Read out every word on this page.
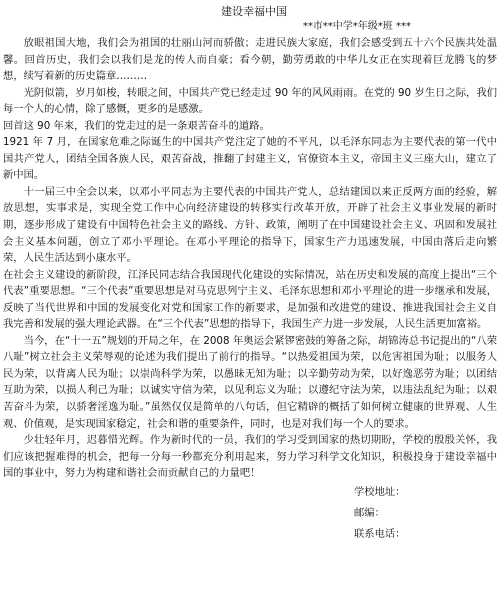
建设幸福中国
**市**中学*年级*班 ***

放眼祖国大地，我们会为祖国的壮丽山河而骄傲；走进民族大家庭，我们会感受到五十六个民族共处温馨。回首历史，我们会以我们是龙的传人而自豪；看今朝，勤劳勇敢的中华儿女正在实现着巨龙腾飞的梦想，续写着新的历史篇章………

光阴似箭，岁月如梭，转眼之间，中国共产党已经走过 90 年的风风雨雨。在党的 90 岁生日之际，我们每一个人的心情，除了感慨，更多的是感激。

回首这 90 年来，我们的党走过的是一条艰苦奋斗的道路。

1921 年 7 月，在国家危难之际诞生的中国共产党注定了她的不平凡，以毛泽东同志为主要代表的第一代中国共产党人，团结全国各族人民，艰苦奋战，推翻了封建主义，官僚资本主义，帝国主义三座大山，建立了新中国。

十一届三中全会以来，以邓小平同志为主要代表的中国共产党人，总结建国以来正反两方面的经验，解放思想，实事求是，实现全党工作中心向经济建设的转移实行改革开放，开辟了社会主义事业发展的新时期，逐步形成了建设有中国特色社会主义的路线、方针、政策，阐明了在中国建设社会主义、巩固和发展社会主义基本问题，创立了邓小平理论。在邓小平理论的指导下，国家生产力迅速发展，中国由落后走向繁荣，人民生活达到小康水平。

在社会主义建设的新阶段，江泽民同志结合我国现代化建设的实际情况，站在历史和发展的高度上提出“三个代表”重要思想。“三个代表”重要思想是对马克思列宁主义、毛泽东思想和邓小平理论的进一步继承和发展，反映了当代世界和中国的发展变化对党和国家工作的新要求，是加强和改进党的建设、推进我国社会主义自我完善和发展的强大理论武器。在“三个代表”思想的指导下，我国生产力进一步发展，人民生活更加富裕。

当今，在“十一五”规划的开局之年，在 2008 年奥运会紧锣密鼓的筹备之际，胡锦涛总书记提出的“八荣八耻”树立社会主义荣辱观的论述为我们提出了前行的指导。“以热爱祖国为荣，以危害祖国为耻；以服务人民为荣，以背离人民为耻；以崇尚科学为荣，以愚昧无知为耻；以辛勤劳动为荣，以好逸恶劳为耻；以团结互助为荣，以损人利己为耻；以诚实守信为荣，以见利忘义为耻；以遵纪守法为荣，以违法乱纪为耻；以艰苦奋斗为荣，以骄奢淫逸为耻。”虽然仅仅是简单的八句话，但它精辟的概括了如何树立健康的世界观、人生观、价值观，是实现国家稳定，社会和谐的重要条件，同时，也是对我们每一个人的要求。

少壮轻年月，迟暮惜光辉。作为新时代的一员，我们的学习受到国家的热切期盼，学校的殷殷关怀，我们应该把握难得的机会，把每一分每一秒都充分利用起来，努力学习科学文化知识，积极投身于建设幸福中国的事业中，努力为构建和谐社会而贡献自己的力量吧！

学校地址：
邮编：
联系电话：
